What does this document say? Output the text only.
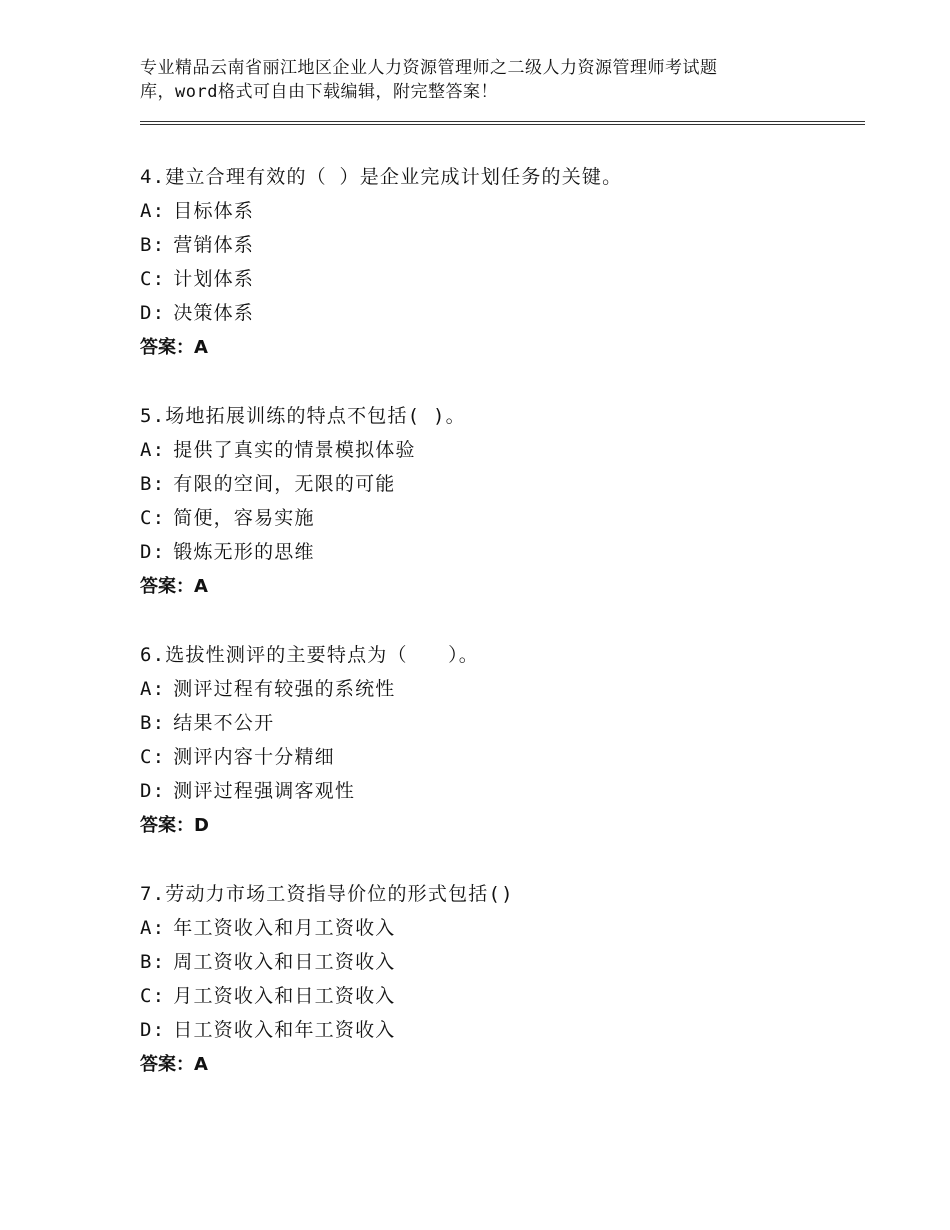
专业精品云南省丽江地区企业人力资源管理师之二级人力资源管理师考试题
库，word格式可自由下载编辑，附完整答案！
4.建立合理有效的（ ）是企业完成计划任务的关键。
A: 目标体系
B: 营销体系
C: 计划体系
D: 决策体系
答案：A
5.场地拓展训练的特点不包括( )。
A: 提供了真实的情景模拟体验
B: 有限的空间，无限的可能
C: 简便，容易实施
D: 锻炼无形的思维
答案：A
6.选拔性测评的主要特点为（　　）。
A: 测评过程有较强的系统性
B: 结果不公开
C: 测评内容十分精细
D: 测评过程强调客观性
答案：D
7.劳动力市场工资指导价位的形式包括()
A: 年工资收入和月工资收入
B: 周工资收入和日工资收入
C: 月工资收入和日工资收入
D: 日工资收入和年工资收入
答案：A
